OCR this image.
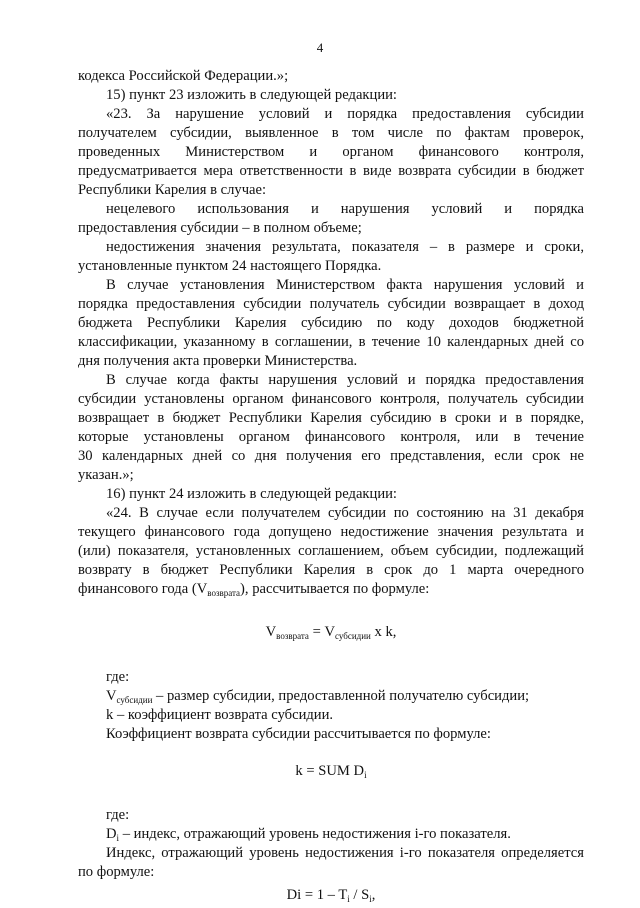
4
кодекса Российской Федерации.»;
15) пункт 23 изложить в следующей редакции:
«23. За нарушение условий и порядка предоставления субсидии
получателем субсидии, выявленное в том числе по фактам проверок,
проведенных Министерством и органом финансового контроля,
предусматривается мера ответственности в виде возврата субсидии в бюджет
Республики Карелия в случае:
нецелевого использования и нарушения условий и порядка
предоставления субсидии – в полном объеме;
недостижения значения результата, показателя – в размере и сроки,
установленные пунктом 24 настоящего Порядка.
В случае установления Министерством факта нарушения условий и
порядка предоставления субсидии получатель субсидии возвращает в доход
бюджета Республики Карелия субсидию по коду доходов бюджетной
классификации, указанному в соглашении, в течение 10 календарных дней со
дня получения акта проверки Министерства.
В случае когда факты нарушения условий и порядка предоставления
субсидии установлены органом финансового контроля, получатель субсидии
возвращает в бюджет Республики Карелия субсидию в сроки и в порядке,
которые установлены органом финансового контроля, или в течение
30 календарных дней со дня получения его представления, если срок не
указан.»;
16) пункт 24 изложить в следующей редакции:
«24. В случае если получателем субсидии по состоянию на 31 декабря
текущего финансового года допущено недостижение значения результата и
(или) показателя, установленных соглашением, объем субсидии, подлежащий
возврату в бюджет Республики Карелия в срок до 1 марта очередного
финансового года $(V_{возврата})$, рассчитывается по формуле:
$V_{возврата} = V_{субсидии}$ x k,
где:
$V_{субсидии}$ – размер субсидии, предоставленной получателю субсидии;
k – коэффициент возврата субсидии.
Коэффициент возврата субсидии рассчитывается по формуле:
k = SUM $D_i$
где:
$D_i$ – индекс, отражающий уровень недостижения i-го показателя.
Индекс, отражающий уровень недостижения i-го показателя определяется
по формуле:
$Di = 1 - T_i / S_i$,
